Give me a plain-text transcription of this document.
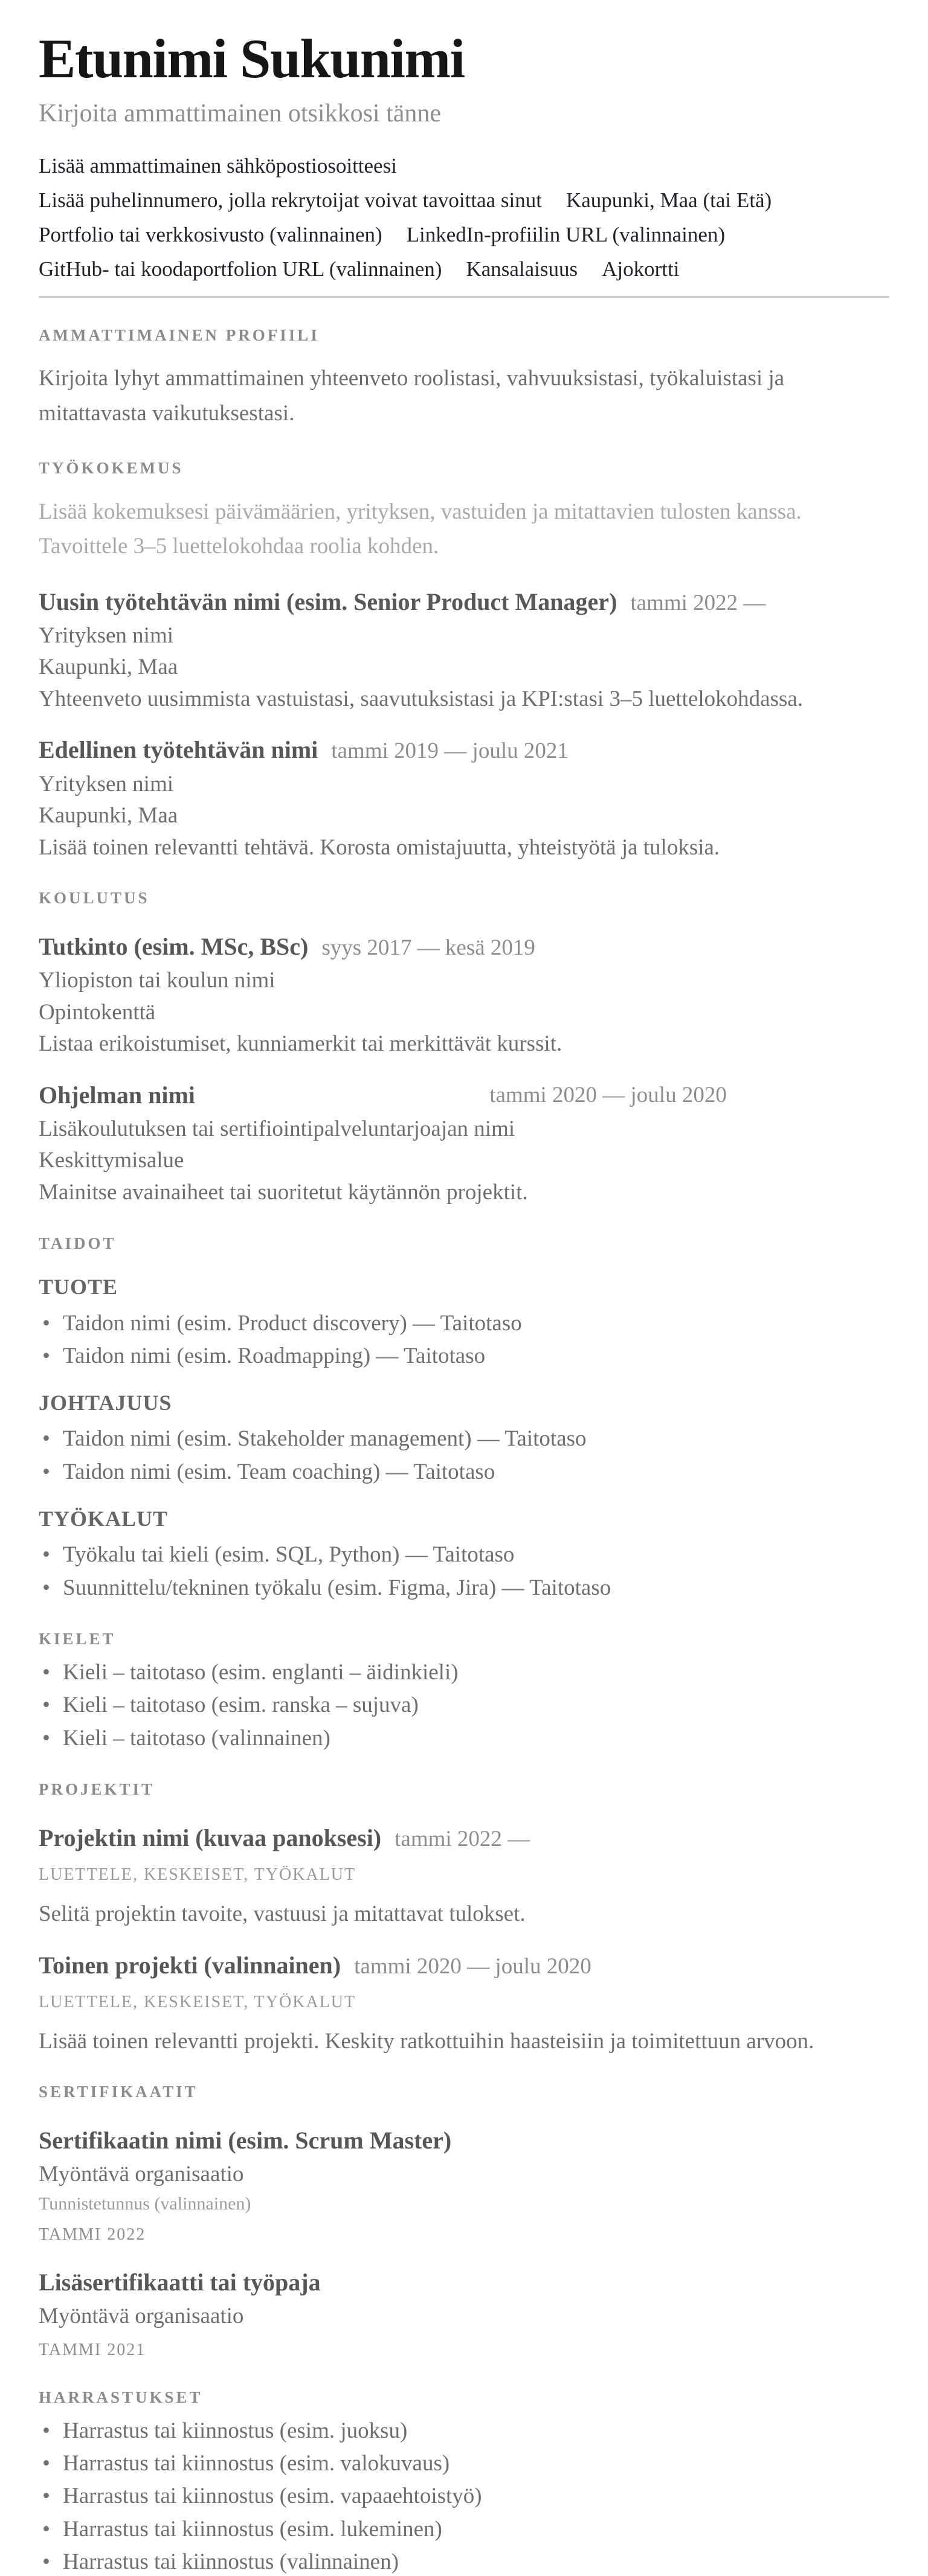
Etunimi Sukunimi

Kirjoita ammattimainen otsikkosi tänne

Lisää ammattimainen sähköpostiosoitteesi
Lisää puhelinnumero, jolla rekrytoijat voivat tavoittaa sinut Kaupunki, Maa (tai Etä)
Portfolio tai verkkosivusto (valinnainen) LinkedIn-profiilin URL (valinnainen)
GitHub- tai koodaportfolion URL (valinnainen) Kansalaisuus Ajokortti
AMMATTIMAINEN PROFIILI

Kirjoita lyhyt ammattimainen yhteenveto roolistasi, vahvuuksistasi, työkaluistasi ja mitattavasta vaikutuksestasi.

TYÖKOKEMUS

Lisää kokemuksesi päivämäärien, yrityksen, vastuiden ja mitattavien tulosten kanssa. Tavoittele 3–5 luettelokohdaa roolia kohden.

Uusin työtehtävän nimi (esim. Senior Product Manager) tammi 2022 —

Yrityksen nimi

Kaupunki, Maa

Yhteenveto uusimmista vastuistasi, saavutuksistasi ja KPI:stasi 3–5 luettelokohdassa.

Edellinen työtehtävän nimi tammi 2019 — joulu 2021

Yrityksen nimi

Kaupunki, Maa

Lisää toinen relevantti tehtävä. Korosta omistajuutta, yhteistyötä ja tuloksia.

KOULUTUS
Tutkinto (esim. MSc, BSc) syys 2017 — kesä 2019

Yliopiston tai koulun nimi

Opintokenttä

Listaa erikoistumiset, kunniamerkit tai merkittävät kurssit.

Ohjelman nimi	tammi 2020 — joulu 2020

Lisäkoulutuksen tai sertifiointipalveluntarjoajan nimi

Keskittymisalue

Mainitse avainaiheet tai suoritetut käytännön projektit.

TAIDOT
TUOTE
• Taidon nimi (esim. Product discovery) — Taitotaso
• Taidon nimi (esim. Roadmapping) — Taitotaso
JOHTAJUUS
• Taidon nimi (esim. Stakeholder management) — Taitotaso
• Taidon nimi (esim. Team coaching) — Taitotaso
TYÖKALUT
• Työkalu tai kieli (esim. SQL, Python) — Taitotaso
• Suunnittelu/tekninen työkalu (esim. Figma, Jira) — Taitotaso
KIELET
• Kieli – taitotaso (esim. englanti – äidinkieli)
• Kieli – taitotaso (esim. ranska – sujuva)
• Kieli – taitotaso (valinnainen)
PROJEKTIT
Projektin nimi (kuvaa panoksesi) tammi 2022 —

LUETTELE, KESKEISET, TYÖKALUT

Selitä projektin tavoite, vastuusi ja mitattavat tulokset.

Toinen projekti (valinnainen) tammi 2020 — joulu 2020

LUETTELE, KESKEISET, TYÖKALUT

Lisää toinen relevantti projekti. Keskity ratkottuihin haasteisiin ja toimitettuun arvoon.

SERTIFIKAATIT
Sertifikaatin nimi (esim. Scrum Master)

Myöntävä organisaatio

Tunnistetunnus (valinnainen)

TAMMI 2022

Lisäsertifikaatti tai työpaja

Myöntävä organisaatio

TAMMI 2021

HARRASTUKSET
• Harrastus tai kiinnostus (esim. juoksu)
• Harrastus tai kiinnostus (esim. valokuvaus)
• Harrastus tai kiinnostus (esim. vapaaehtoistyö)
• Harrastus tai kiinnostus (esim. lukeminen)
• Harrastus tai kiinnostus (valinnainen)
